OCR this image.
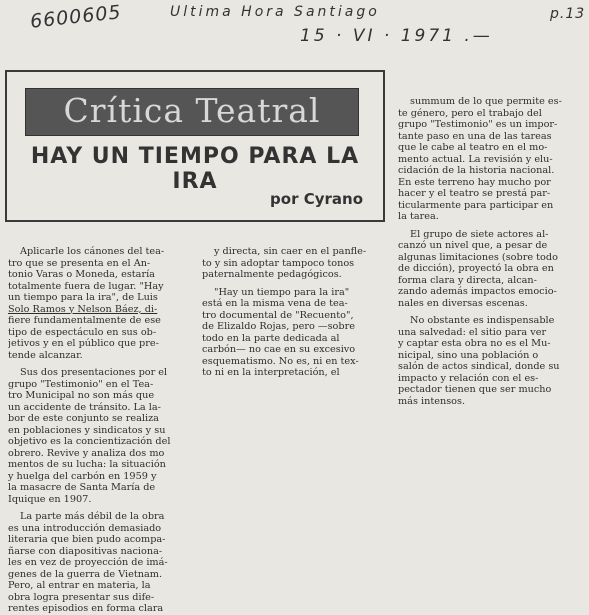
6600605	Ultima Hora Santiago
15 · VI · 1971 .—
p.13
Crítica Teatral
HAY UN TIEMPO PARA LA IRA
por Cyrano
Aplicarle los cánones del tea-
tro que se presenta en el An-
tonio Varas o Moneda, estaría
totalmente fuera de lugar. "Hay
un tiempo para la ira", de Luis
Solo Ramos y Nelson Báez, di-
fiere fundamentalmente de ese
tipo de espectáculo en sus ob-
jetivos y en el público que pre-
tende alcanzar.
Sus dos presentaciones por el
grupo "Testimonio" en el Tea-
tro Municipal no son más que
un accidente de tránsito. La la-
bor de este conjunto se realiza
en poblaciones y sindicatos y su
objetivo es la concientización del
obrero. Revive y analiza dos mo
mentos de su lucha: la situación
y huelga del carbón en 1959 y
la masacre de Santa María de
Iquique en 1907.
La parte más débil de la obra
es una introducción demasiado
literaria que bien pudo acompa-
ñarse con diapositivas naciona-
les en vez de proyección de imá-
genes de la guerra de Vietnam.
Pero, al entrar en materia, la
obra logra presentar sus dife-
rentes episodios en forma clara
y directa, sin caer en el panfle-
to y sin adoptar tampoco tonos
paternalmente pedagógicos.
"Hay un tiempo para la ira"
está en la misma vena de tea-
tro documental de "Recuento",
de Elizaldo Rojas, pero —sobre
todo en la parte dedicada al
carbón— no cae en su excesivo
esquematismo. No es, ni en tex-
to ni en la interpretación, el
summum de lo que permite es-
te género, pero el trabajo del
grupo "Testimonio" es un impor-
tante paso en una de las tareas
que le cabe al teatro en el mo-
mento actual. La revisión y elu-
cidación de la historia nacional.
En este terreno hay mucho por
hacer y el teatro se prestá par-
ticularmente para participar en
la tarea.
El grupo de siete actores al-
canzó un nivel que, a pesar de
algunas limitaciones (sobre todo
de dicción), proyectó la obra en
forma clara y directa, alcan-
zando además impactos emocio-
nales en diversas escenas.
No obstante es indispensable
una salvedad: el sitio para ver
y captar esta obra no es el Mu-
nicipal, sino una población o
salón de actos sindical, donde su
impacto y relación con el es-
pectador tienen que ser mucho
más intensos.
